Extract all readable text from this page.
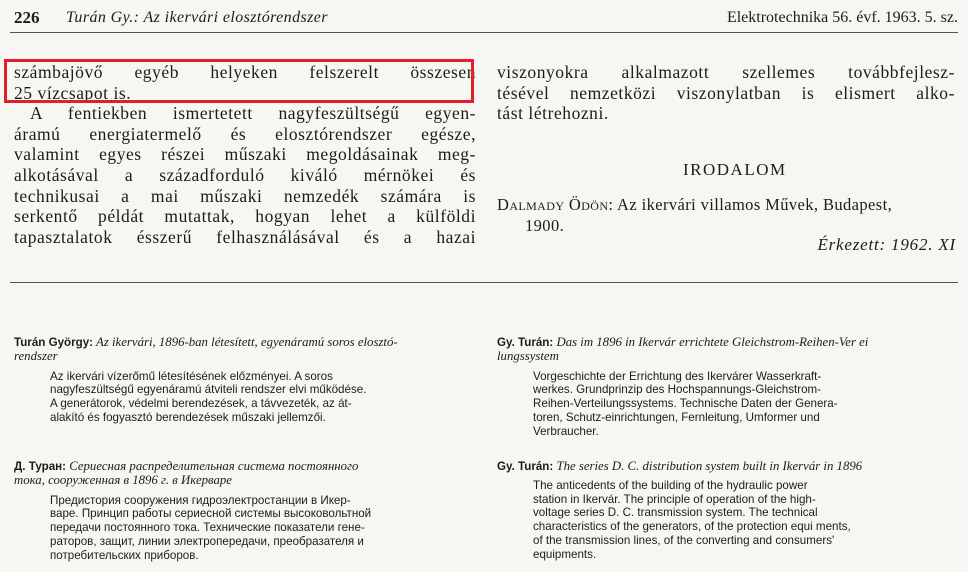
226 Turán Gy.: Az ikervári elosztórendszer	Elektrotechnika 56. évf. 1963. 5. sz.
számbajövő egyéb helyeken felszerelt összesen
25 vízcsapot is.
A fentiekben ismertetett nagyfeszültségű egyen-
áramú energiatermelő és elosztórendszer egésze,
valamint egyes részei műszaki megoldásainak meg-
alkotásával a századforduló kiváló mérnökei és
technikusai a mai műszaki nemzedék számára is
serkentő példát mutattak, hogyan lehet a külföldi
tapasztalatok ésszerű felhasználásával és a hazai
viszonyokra alkalmazott szellemes továbbfejlesz-
tésével nemzetközi viszonylatban is elismert alko-
tást létrehozni.
IRODALOM
Dalmady Ödön: Az ikervári villamos Művek, Budapest,
1900.
Érkezett: 1962. XI
Turán György: Az ikervári, 1896-ban létesített, egyenáramú soros elosztó-
rendszer
Az ikervári vízerőmű létesítésének előzményei. A soros
nagyfeszültségű egyenáramú átviteli rendszer elvi működése.
A generátorok, védelmi berendezések, a távvezeték, az át-
alakító és fogyasztó berendezések műszaki jellemzői.
Gy. Turán: Das im 1896 in Ikervár errichtete Gleichstrom-Reihen-Ver ei
lungssystem
Vorgeschichte der Errichtung des Ikervárer Wasserkraft-
werkes. Grundprinzip des Hochspannungs-Gleichstrom-
Reihen-Verteilungssystems. Technische Daten der Genera-
toren, Schutz-einrichtungen, Fernleitung, Umformer und
Verbraucher.
Д. Туран: Сериесная распределительная система постоянного
тока, сооруженная в 1896 г. в Икерваре
Предистория сооружения гидроэлектростанции в Икер-
варе. Принцип работы сериесной системы высоковольтной
передачи постоянного тока. Технические показатели гене-
раторов, защит, линии электропередачи, преобразателя и
потребительских приборов.
Gy. Turán: The series D. C. distribution system built in Ikervár in 1896
The anticedents of the building of the hydraulic power
station in Ikervár. The principle of operation of the high-
voltage series D. C. transmission system. The technical
characteristics of the generators, of the protection equi ments,
of the transmission lines, of the converting and consumers'
equipments.
